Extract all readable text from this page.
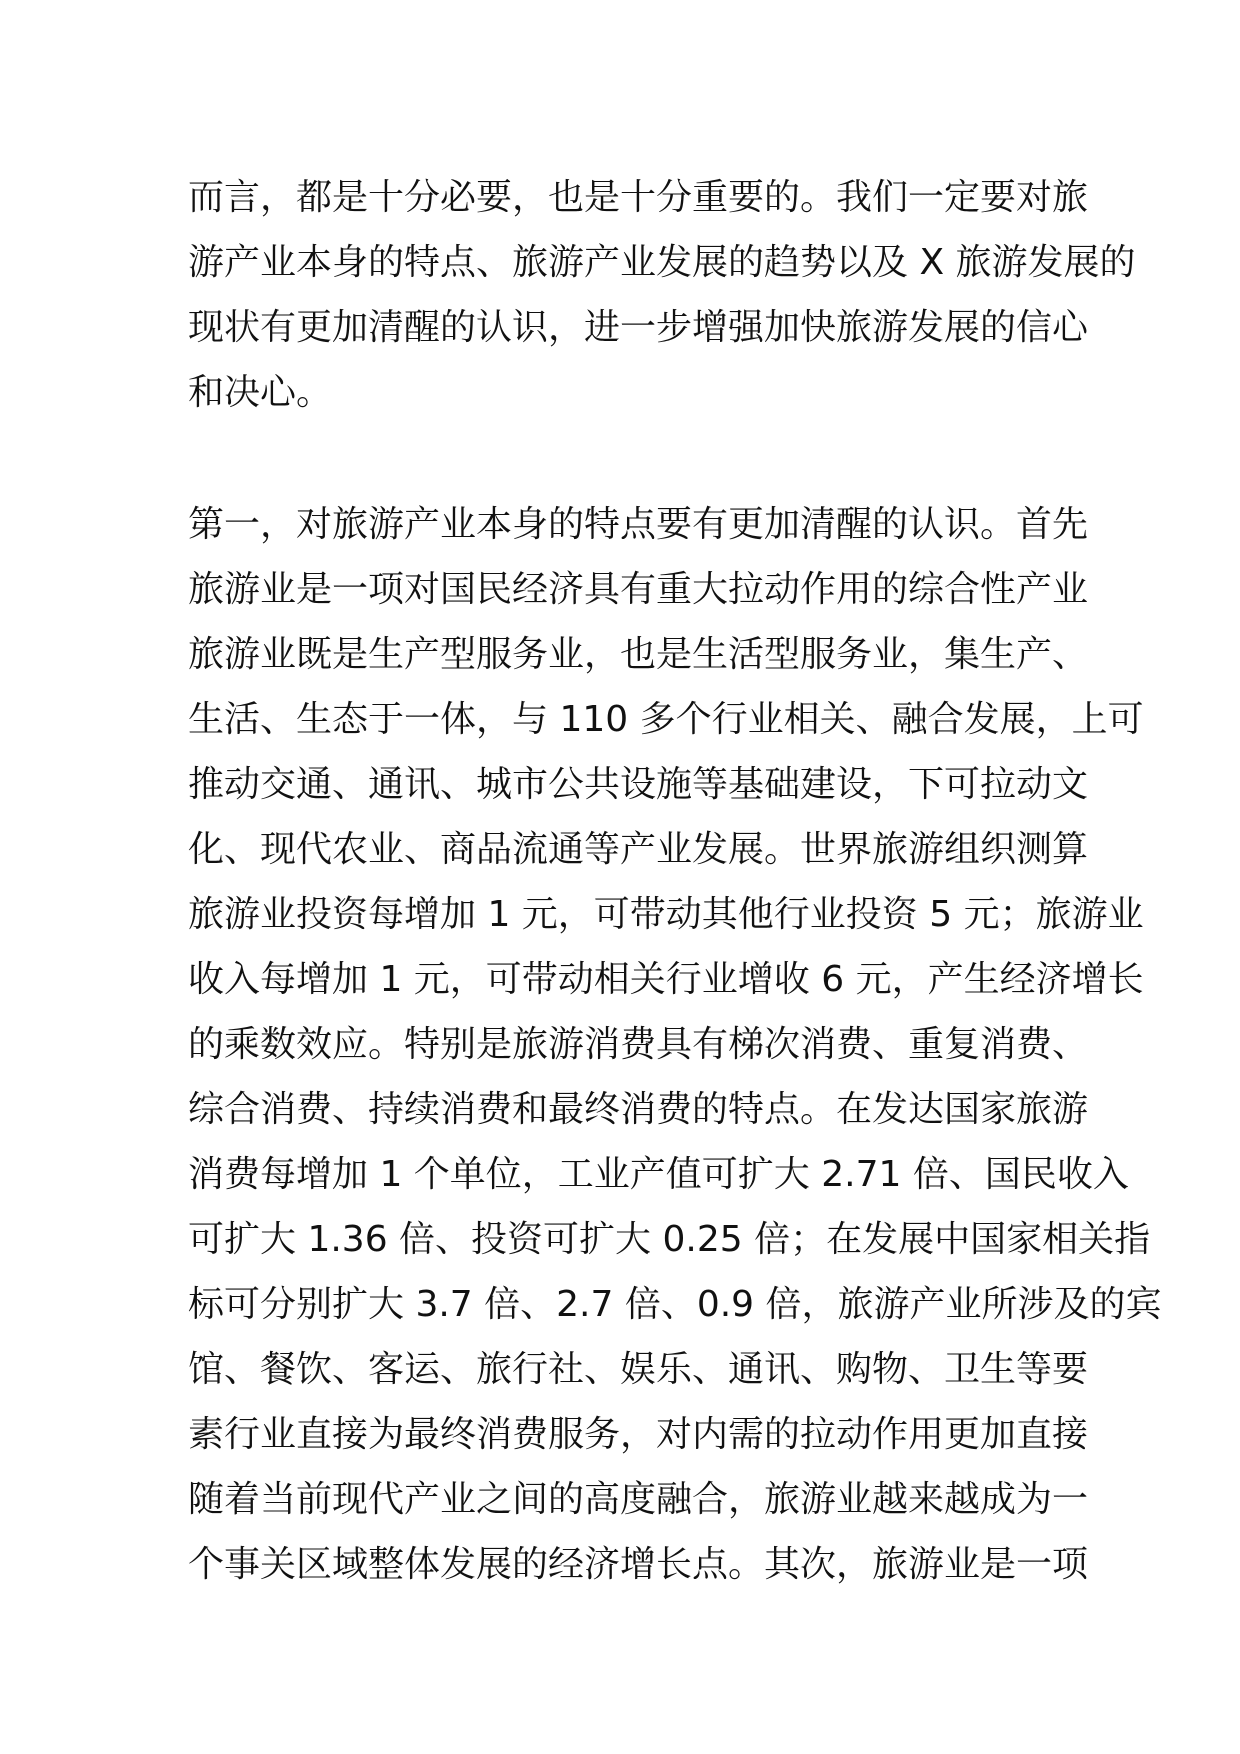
而言，都是十分必要，也是十分重要的。我们一定要对旅
游产业本身的特点、旅游产业发展的趋势以及 X 旅游发展的
现状有更加清醒的认识，进一步增强加快旅游发展的信心
和决心。
第一，对旅游产业本身的特点要有更加清醒的认识。首先
旅游业是一项对国民经济具有重大拉动作用的综合性产业
旅游业既是生产型服务业，也是生活型服务业，集生产、
生活、生态于一体，与 110 多个行业相关、融合发展，上可
推动交通、通讯、城市公共设施等基础建设，下可拉动文
化、现代农业、商品流通等产业发展。世界旅游组织测算
旅游业投资每增加 1 元，可带动其他行业投资 5 元；旅游业
收入每增加 1 元，可带动相关行业增收 6 元，产生经济增长
的乘数效应。特别是旅游消费具有梯次消费、重复消费、
综合消费、持续消费和最终消费的特点。在发达国家旅游
消费每增加 1 个单位，工业产值可扩大 2.71 倍、国民收入
可扩大 1.36 倍、投资可扩大 0.25 倍；在发展中国家相关指
标可分别扩大 3.7 倍、2.7 倍、0.9 倍，旅游产业所涉及的宾
馆、餐饮、客运、旅行社、娱乐、通讯、购物、卫生等要
素行业直接为最终消费服务，对内需的拉动作用更加直接
随着当前现代产业之间的高度融合，旅游业越来越成为一
个事关区域整体发展的经济增长点。其次，旅游业是一项
